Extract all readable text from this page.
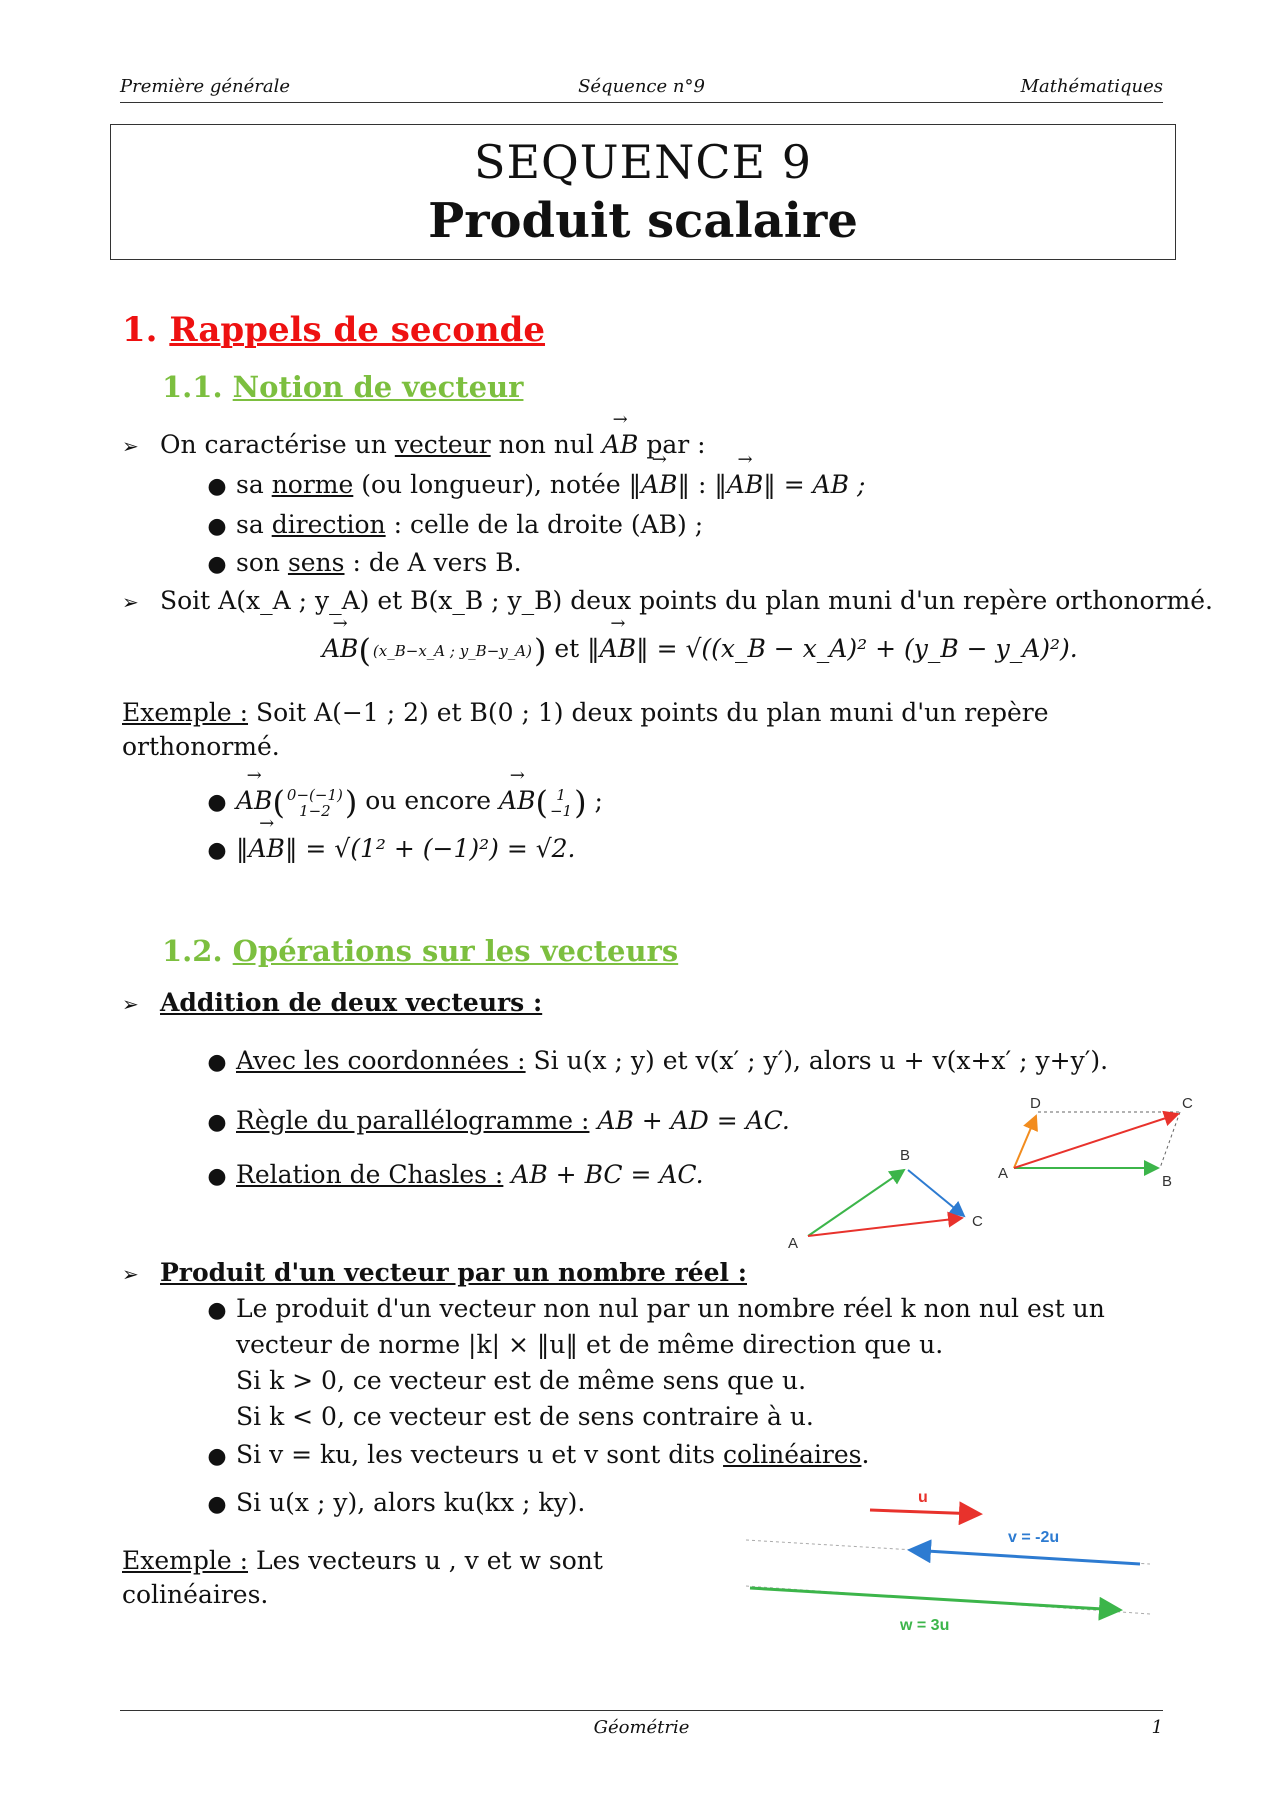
Première générale	Séquence n°9	Mathématiques
SEQUENCE 9
Produit scalaire
1. Rappels de seconde
1.1. Notion de vecteur
➢ On caractérise un vecteur non nul → AB par :
● sa norme (ou longueur), notée ‖→ AB‖ : ‖→ AB‖ = AB ;
● sa direction : celle de la droite (AB) ;
● son sens : de A vers B.
➢ Soit A(x_A ; y_A) et B(x_B ; y_B) deux points du plan muni d'un repère orthonormé.
→ AB( (x_B−x_A ; y_B−y_A)) et ‖→ AB‖ = √((x_B − x_A)² + (y_B − y_A)²).
Exemple : Soit A(−1 ; 2) et B(0 ; 1) deux points du plan muni d'un repère
orthonormé.
● → AB( 0−(−1)
1−2 ) ou encore → AB( 1
−1) ;
● ‖→ AB‖ = √(1² + (−1)²) = √2.
1.2. Opérations sur les vecteurs
➢ Addition de deux vecteurs :
● Avec les coordonnées : Si u(x ; y) et v(x′ ; y′), alors u + v(x+x′ ; y+y′).
● Règle du parallélogramme : AB + AD = AC.
● Relation de Chasles : AB + BC = AC.	A	B
C
D
A
B
C
➢ Produit d'un vecteur par un nombre réel :
● Le produit d'un vecteur non nul par un nombre réel k non nul est un
vecteur de norme |k| × ‖u‖ et de même direction que u.
Si k > 0, ce vecteur est de même sens que u.
Si k < 0, ce vecteur est de sens contraire à u.
● Si v = ku, les vecteurs u et v sont dits colinéaires.
● Si u(x ; y), alors ku(kx ; ky).
Exemple : Les vecteurs u , v et w sont
colinéaires.
u
v = -2u
w = 3u
Géométrie	1
